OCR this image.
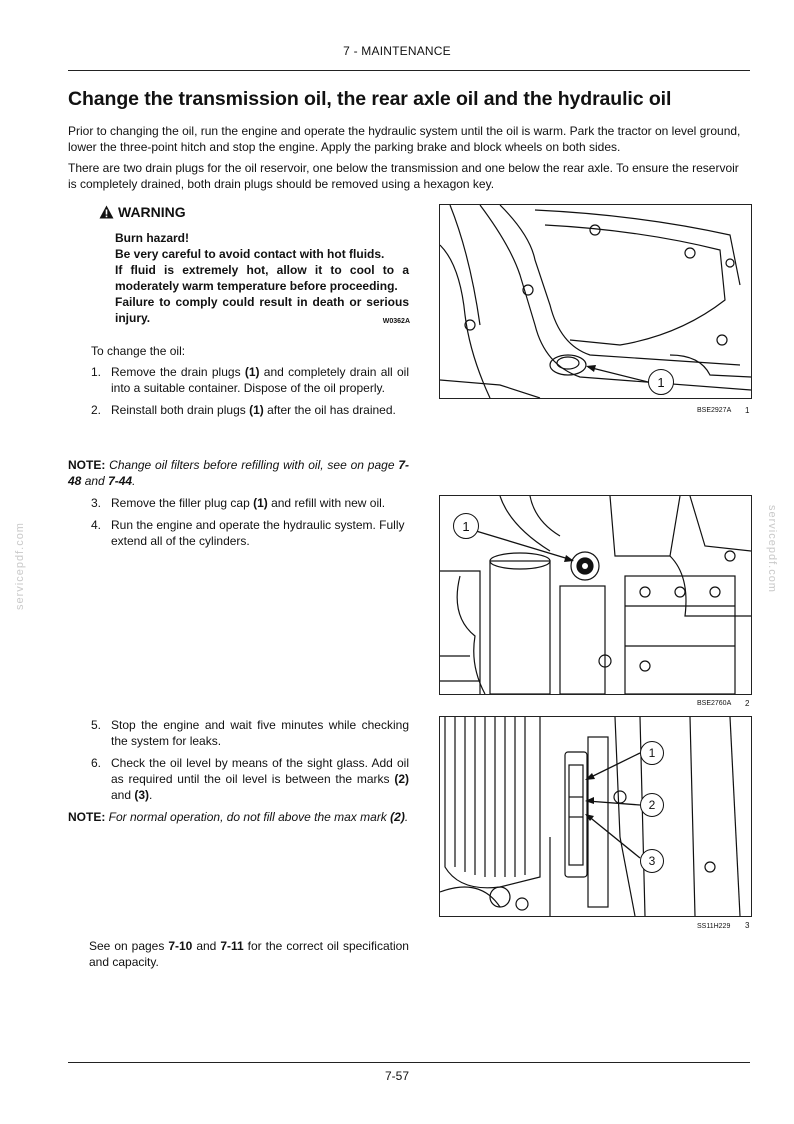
7 - MAINTENANCE
Change the transmission oil, the rear axle oil and the hydraulic oil
Prior to changing the oil, run the engine and operate the hydraulic system until the oil is warm. Park the tractor on level ground, lower the three-point hitch and stop the engine. Apply the parking brake and block wheels on both sides.
There are two drain plugs for the oil reservoir, one below the transmission and one below the rear axle. To ensure the reservoir is completely drained, both drain plugs should be removed using a hexagon key.
WARNING
Burn hazard!
Be very careful to avoid contact with hot fluids.
If fluid is extremely hot, allow it to cool to a moderately warm temperature before proceeding.
Failure to comply could result in death or serious injury.	W0362A
To change the oil:
1. Remove the drain plugs (1) and completely drain all oil into a suitable container. Dispose of the oil properly.
2. Reinstall both drain plugs (1) after the oil has drained.
NOTE: Change oil filters before refilling with oil, see on page 7-48 and 7-44.
3. Remove the filler plug cap (1) and refill with new oil.
4. Run the engine and operate the hydraulic system. Fully extend all of the cylinders.
5. Stop the engine and wait five minutes while checking the system for leaks.
6. Check the oil level by means of the sight glass. Add oil as required until the oil level is between the marks (2) and (3).
NOTE: For normal operation, do not fill above the max mark (2).
See on pages 7-10 and 7-11 for the correct oil specification and capacity.
1
BSE2927A 1
1
BSE2760A 2
1
2
3
SS11H229 3
servicepdf.com	servicepdf.com
7-57
